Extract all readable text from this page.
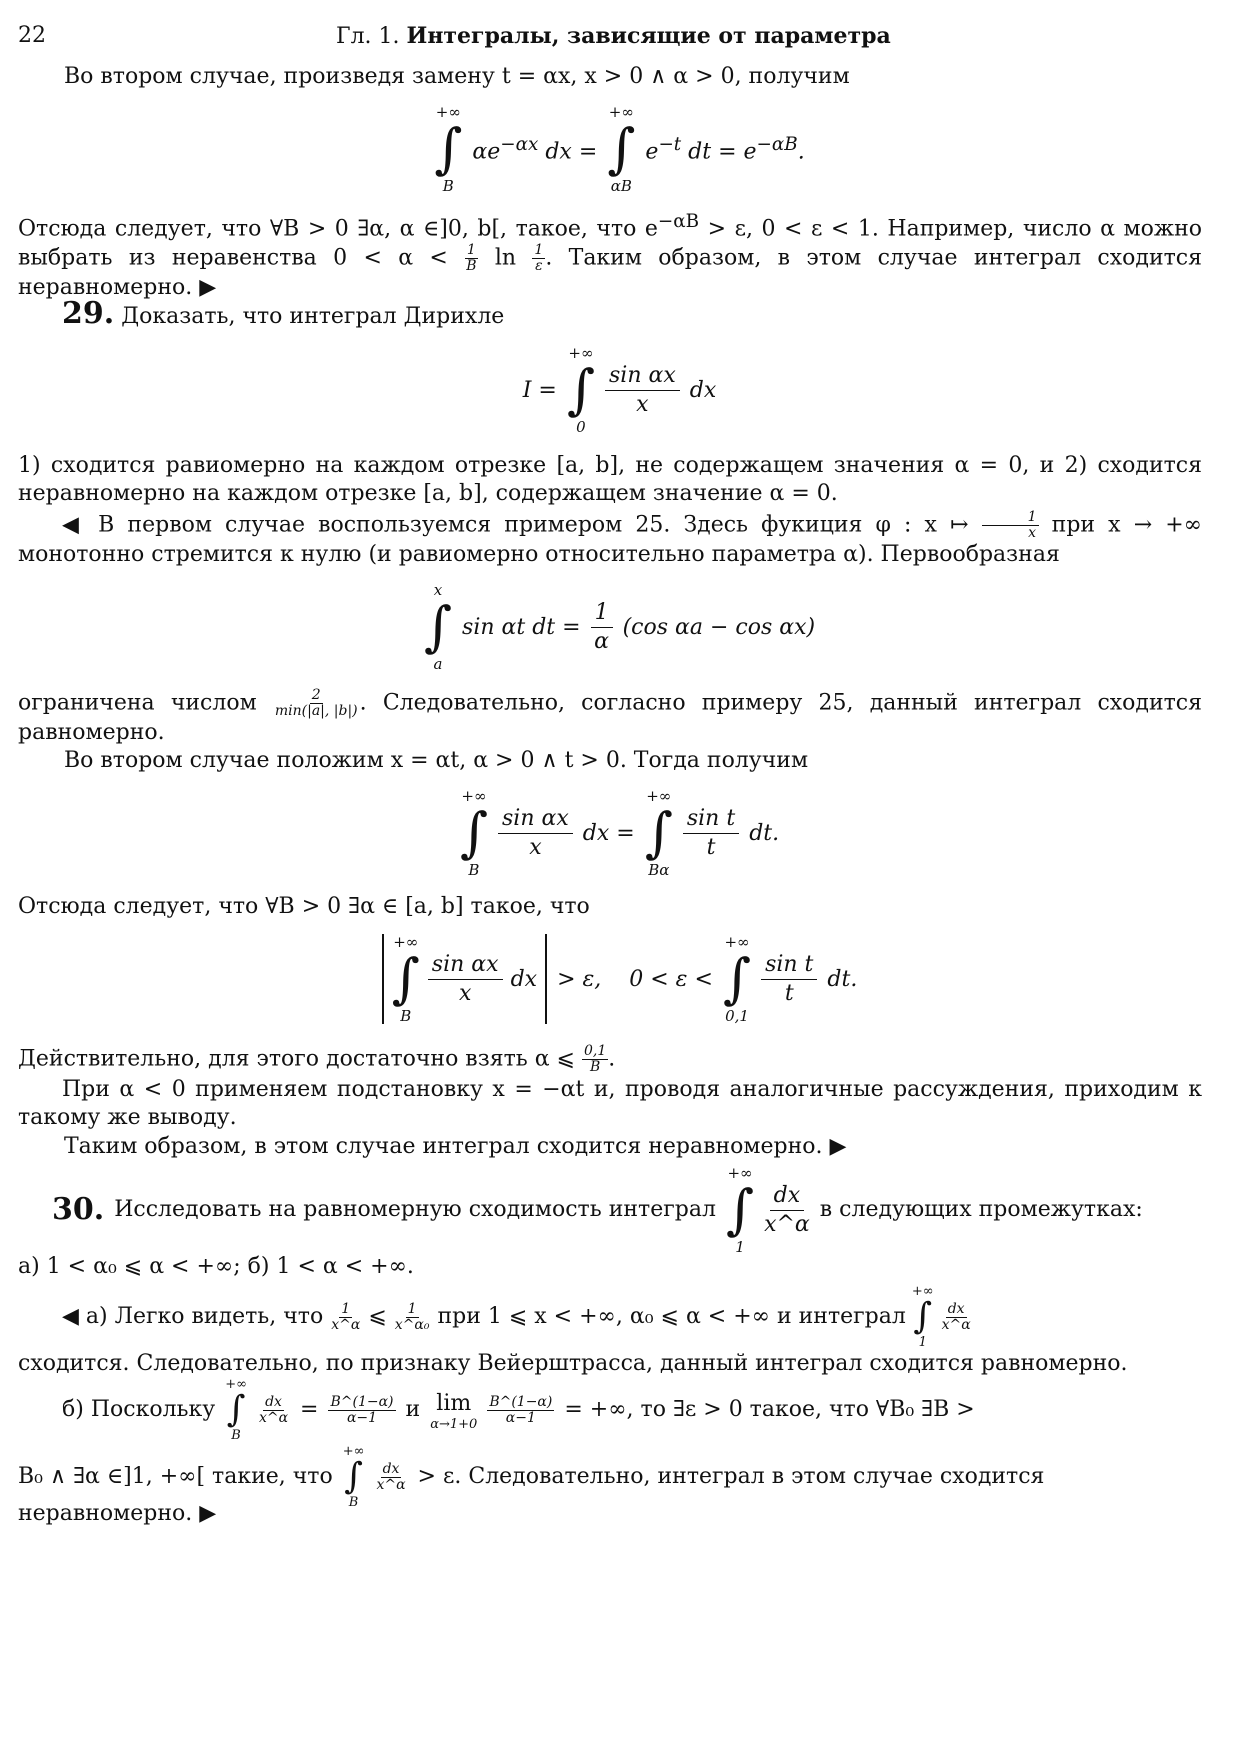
22	Гл. 1. Интегралы, зависящие от параметра
Во втором случае, произведя замену t = αx, x > 0 ∧ α > 0, получим
+∞
∫
B
$\alpha e^{-\alpha x}$ dx =
+∞
∫
αB
$e^{-t}$ dt = $e^{-\alpha B}$.
Отсюда следует, что ∀B > 0 ∃α, α ∈]0, b[, такое, что $e^{-\alpha B} > \varepsilon$, 0 < ε < 1. Например, число α можно выбрать из неравенства $0 < \alpha < \frac{1}{B}$ $\ln \frac{1}{\varepsilon}$ . Таким образом, в этом случае интеграл сходится неравномерно. ▶
29. Доказать, что интеграл Дирихле
I =
+∞
∫
0
$\frac{\text{sin αx}}{x}$ dx
1) сходится равиомерно на каждом отрезке [a, b], не содержащем значения α = 0, и 2) сходится неравномерно на каждом отрезке [a, b], содержащем значение α = 0.
◀ В первом случае воспользуемся примером 25. Здесь фукиция φ : x ↦ $\frac{1}{x}$ при x → +∞ монотонно стремится к нулю (и равиомерно относительно параметра α). Первообразная
x
∫
a
sin αt dt = $\frac{1}{\alpha} (\cos$ αa − cos αx)
ограничена числом $\frac{2}{\min(|a|, |b|)}$ . Следовательно, согласно примеру 25, данный интеграл сходится равномерно.
Во втором случае положим x = αt, α > 0 ∧ t > 0. Тогда получим
+∞
∫
B
$\frac{\text{sin αx}}{x}$ dx =
+∞
∫
Bα
$\frac{\text{sin t}}{t}$ dt.
Отсюда следует, что ∀B > 0 ∃α ∈ [a, b] такое, что
+∞
∫
B
$\frac{\text{sin αx}}{x}$ dx > ε,    0 < ε <
+∞
∫
0,1
$\frac{\text{sin t}}{t}$ dt.
Действительно, для этого достаточно взять α ⩽ $\frac{0,1}{B}$ .
При α < 0 применяем подстановку x = −αt и, проводя аналогичные рассуждения, приходим к такому же выводу.
Таким образом, в этом случае интеграл сходится неравномерно. ▶
30. Исследовать на равномерную сходимость интеграл
+∞
∫
1
$\frac{dx}{x\^{}\alpha}$ в следующих промежутках:
а) 1 < α₀ ⩽ α < +∞; б) 1 < α < +∞.
◀ а) Легко видеть, что $\frac{1}{x\^{}\alpha}$ ⩽ $\frac{1}{\text{x\textasciicircum{}α₀}}$ при 1 ⩽ x < +∞, α₀ ⩽ α < +∞ и интеграл
+∞
∫
1
$\frac{dx}{x\^{}\alpha}$
сходится. Следовательно, по признаку Вейерштрасса, данный интеграл сходится равномерно.
б) Поскольку
+∞
∫
B
$\frac{dx}{x\^{}\alpha} = \frac{B\^{}(1-\alpha)}{\alpha-1}$ и lim
$\alpha\to 1+0 \frac{B\^{}(1-\alpha)}{\alpha-1}$ = +∞, то ∃ε > 0 такое, что ∀B₀ ∃B >
B₀ ∧ ∃α ∈]1, +∞[ такие, что
+∞
∫
B
$\frac{dx}{x\^{}\alpha} > \varepsilon$. Следовательно, интеграл в этом случае сходится
неравномерно. ▶
